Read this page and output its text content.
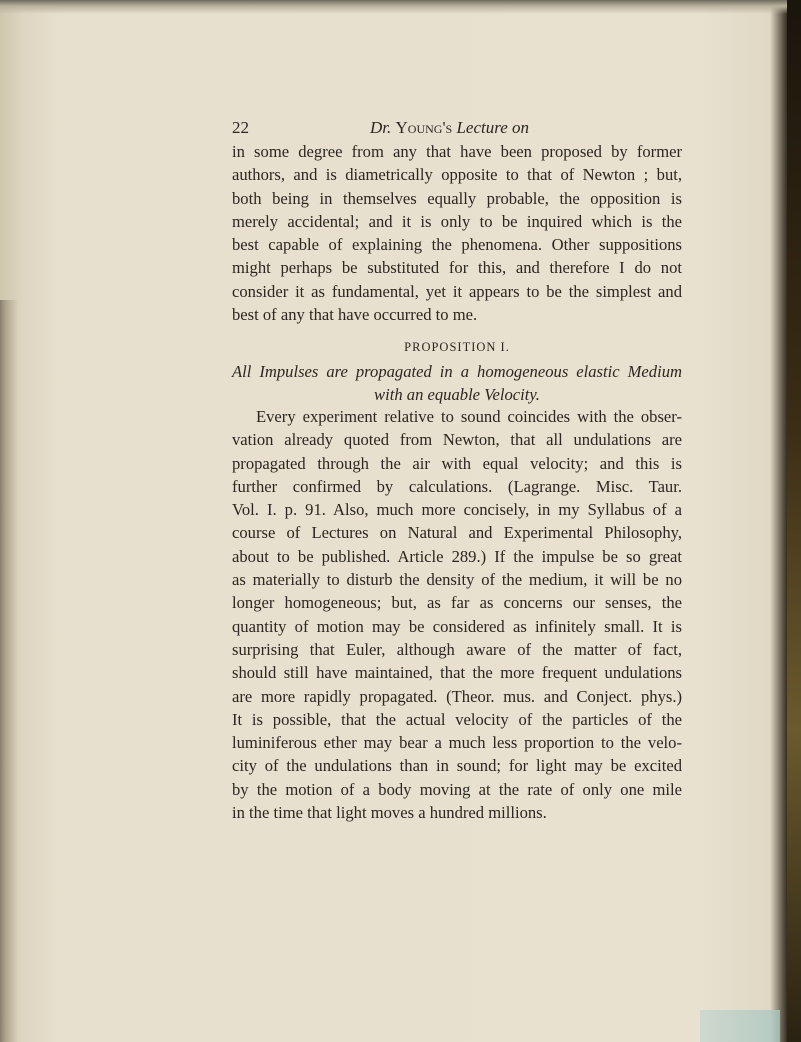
22	Dr. Young's Lecture on
in some degree from any that have been proposed by former
authors, and is diametrically opposite to that of Newton ; but,
both being in themselves equally probable, the opposition is
merely accidental; and it is only to be inquired which is the
best capable of explaining the phenomena. Other suppositions
might perhaps be substituted for this, and therefore I do not
consider it as fundamental, yet it appears to be the simplest and
best of any that have occurred to me.
PROPOSITION I.
All Impulses are propagated in a homogeneous elastic Medium
with an equable Velocity.
Every experiment relative to sound coincides with the obser-
vation already quoted from Newton, that all undulations are
propagated through the air with equal velocity; and this is
further confirmed by calculations. (Lagrange. Misc. Taur.
Vol. I. p. 91. Also, much more concisely, in my Syllabus of a
course of Lectures on Natural and Experimental Philosophy,
about to be published. Article 289.) If the impulse be so great
as materially to disturb the density of the medium, it will be no
longer homogeneous; but, as far as concerns our senses, the
quantity of motion may be considered as infinitely small. It is
surprising that Euler, although aware of the matter of fact,
should still have maintained, that the more frequent undulations
are more rapidly propagated. (Theor. mus. and Conject. phys.)
It is possible, that the actual velocity of the particles of the
luminiferous ether may bear a much less proportion to the velo-
city of the undulations than in sound; for light may be excited
by the motion of a body moving at the rate of only one mile
in the time that light moves a hundred millions.
